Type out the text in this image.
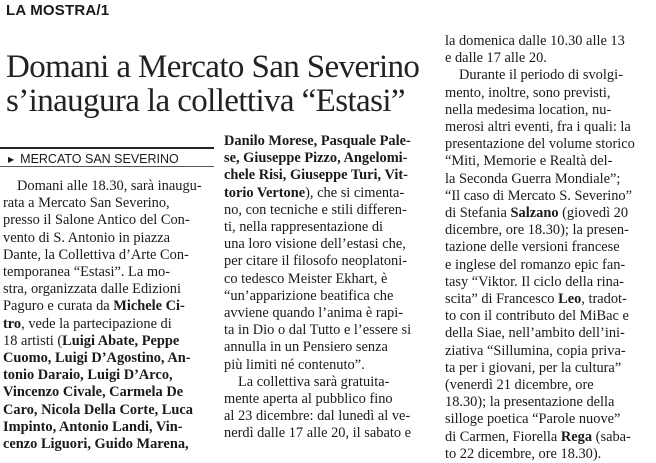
LA MOSTRA/1
Domani a Mercato San Severino
s’inaugura la collettiva “Estasi”
▶ MERCATO SAN SEVERINO
Domani alle 18.30, sarà inaugu-
rata a Mercato San Severino,
presso il Salone Antico del Con-
vento di S. Antonio in piazza
Dante, la Collettiva d’Arte Con-
temporanea “Estasi”. La mo-
stra, organizzata dalle Edizioni
Paguro e curata da Michele Ci-
tro, vede la partecipazione di
18 artisti (Luigi Abate, Peppe
Cuomo, Luigi D’Agostino, An-
tonio Daraio, Luigi D’Arco,
Vincenzo Civale, Carmela De
Caro, Nicola Della Corte, Luca
Impinto, Antonio Landi, Vin-
cenzo Liguori, Guido Marena,
Danilo Morese, Pasquale Pale-
se, Giuseppe Pizzo, Angelomi-
chele Risi, Giuseppe Turi, Vit-
torio Vertone), che si cimenta-
no, con tecniche e stili differen-
ti, nella rappresentazione di
una loro visione dell’estasi che,
per citare il filosofo neoplatoni-
co tedesco Meister Ekhart, è
“un’apparizione beatifica che
avviene quando l’anima è rapi-
ta in Dio o dal Tutto e l’essere si
annulla in un Pensiero senza
più limiti né contenuto”.
La collettiva sarà gratuita-
mente aperta al pubblico fino
al 23 dicembre: dal lunedì al ve-
nerdì dalle 17 alle 20, il sabato e
la domenica dalle 10.30 alle 13
e dalle 17 alle 20.
Durante il periodo di svolgi-
mento, inoltre, sono previsti,
nella medesima location, nu-
merosi altri eventi, fra i quali: la
presentazione del volume storico
“Miti, Memorie e Realtà del-
la Seconda Guerra Mondiale”;
“Il caso di Mercato S. Severino”
di Stefania Salzano (giovedì 20
dicembre, ore 18.30); la presen-
tazione delle versioni francese
e inglese del romanzo epic fan-
tasy “Viktor. Il ciclo della rina-
scita” di Francesco Leo, tradot-
to con il contributo del MiBac e
della Siae, nell’ambito dell’ini-
ziativa “Sillumina, copia priva-
ta per i giovani, per la cultura”
(venerdì 21 dicembre, ore
18.30); la presentazione della
silloge poetica “Parole nuove”
di Carmen, Fiorella Rega (saba-
to 22 dicembre, ore 18.30).
